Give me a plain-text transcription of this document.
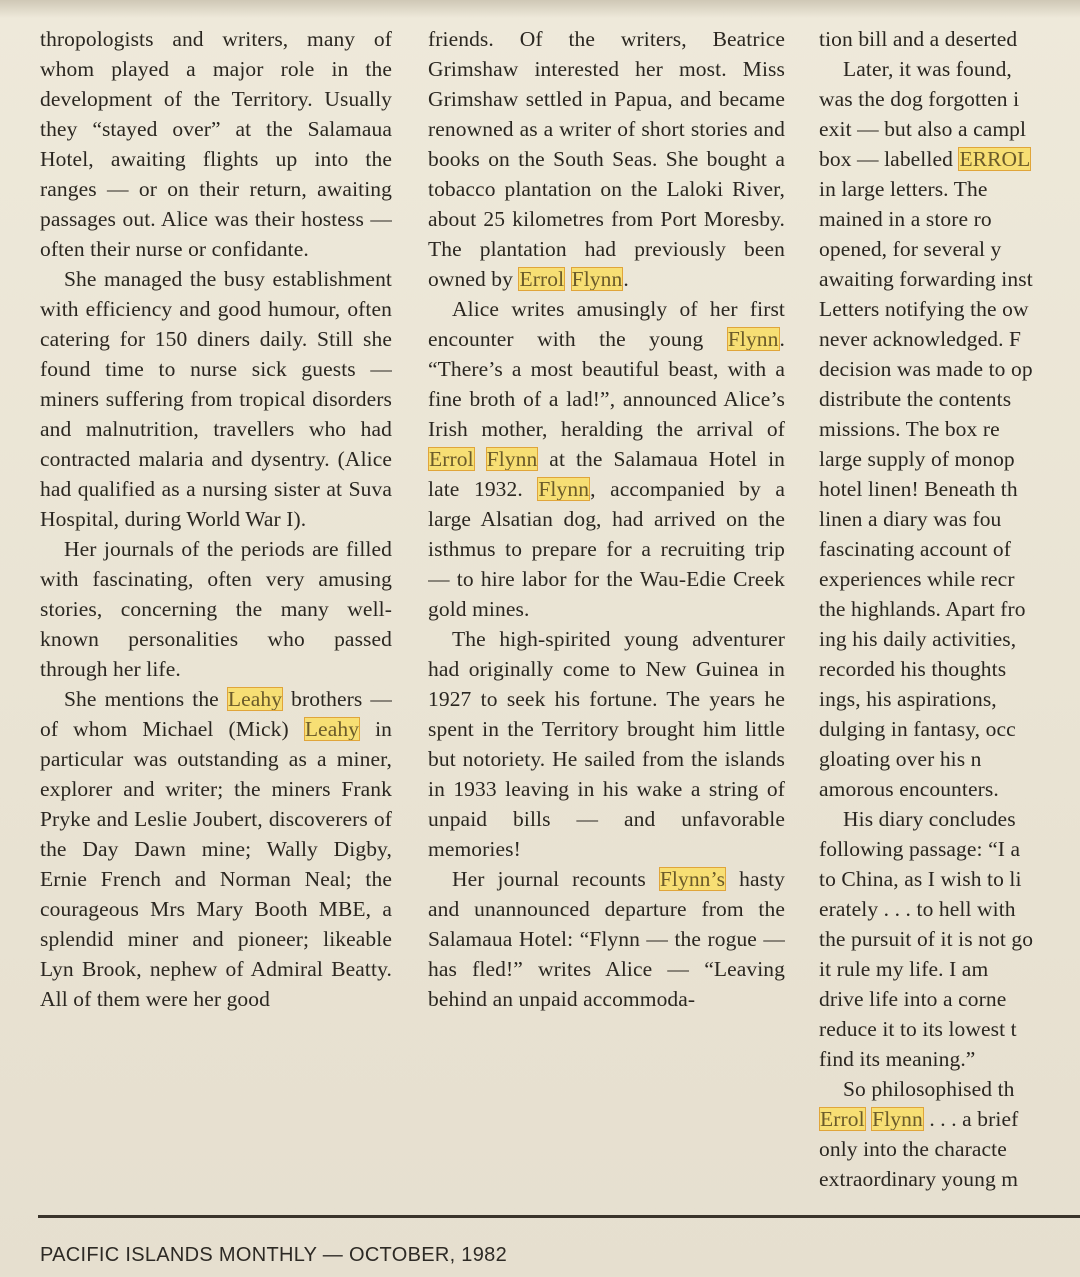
thropologists and writers, many of whom played a major role in the development of the Territory. Usually they “stayed over” at the Salamaua Hotel, awaiting flights up into the ranges — or on their return, awaiting passages out. Alice was their hostess — often their nurse or confidante.

She managed the busy establishment with efficiency and good humour, often catering for 150 diners daily. Still she found time to nurse sick guests — miners suffering from tropical disorders and malnutrition, travellers who had contracted malaria and dysentry. (Alice had qualified as a nursing sister at Suva Hospital, during World War I).

Her journals of the periods are filled with fascinating, often very amusing stories, concerning the many well-known personalities who passed through her life.

She mentions the Leahy brothers — of whom Michael (Mick) Leahy in particular was outstanding as a miner, explorer and writer; the miners Frank Pryke and Leslie Joubert, discoverers of the Day Dawn mine; Wally Digby, Ernie French and Norman Neal; the courageous Mrs Mary Booth MBE, a splendid miner and pioneer; likeable Lyn Brook, nephew of Admiral Beatty. All of them were her good

friends. Of the writers, Beatrice Grimshaw interested her most. Miss Grimshaw settled in Papua, and became renowned as a writer of short stories and books on the South Seas. She bought a tobacco plantation on the Laloki River, about 25 kilometres from Port Moresby. The plantation had previously been owned by Errol Flynn.

Alice writes amusingly of her first encounter with the young Flynn. “There’s a most beautiful beast, with a fine broth of a lad!”, announced Alice’s Irish mother, heralding the arrival of Errol Flynn at the Salamaua Hotel in late 1932. Flynn, accompanied by a large Alsatian dog, had arrived on the isthmus to prepare for a recruiting trip — to hire labor for the Wau-Edie Creek gold mines.

The high-spirited young adventurer had originally come to New Guinea in 1927 to seek his fortune. The years he spent in the Territory brought him little but notoriety. He sailed from the islands in 1933 leaving in his wake a string of unpaid bills — and unfavorable memories!

Her journal recounts Flynn’s hasty and unannounced departure from the Salamaua Hotel: “Flynn — the rogue — has fled!” writes Alice — “Leaving behind an unpaid accommoda-

tion bill and a deserted

Later, it was found,

was the dog forgotten i

exit — but also a campl

box — labelled ERROL

in large letters. The

mained in a store ro

opened, for several y

awaiting forwarding inst

Letters notifying the ow

never acknowledged. F

decision was made to op

distribute the contents

missions. The box re

large supply of monop

hotel linen! Beneath th

linen a diary was fou

fascinating account of

experiences while recr

the highlands. Apart fro

ing his daily activities,

recorded his thoughts

ings, his aspirations,

dulging in fantasy, occ

gloating over his n

amorous encounters.

His diary concludes

following passage: “I a

to China, as I wish to li

erately . . . to hell with

the pursuit of it is not go

it rule my life. I am

drive life into a corne

reduce it to its lowest t

find its meaning.”

So philosophised th

Errol Flynn . . . a brief

only into the characte

extraordinary young m

PACIFIC ISLANDS MONTHLY — OCTOBER, 1982
